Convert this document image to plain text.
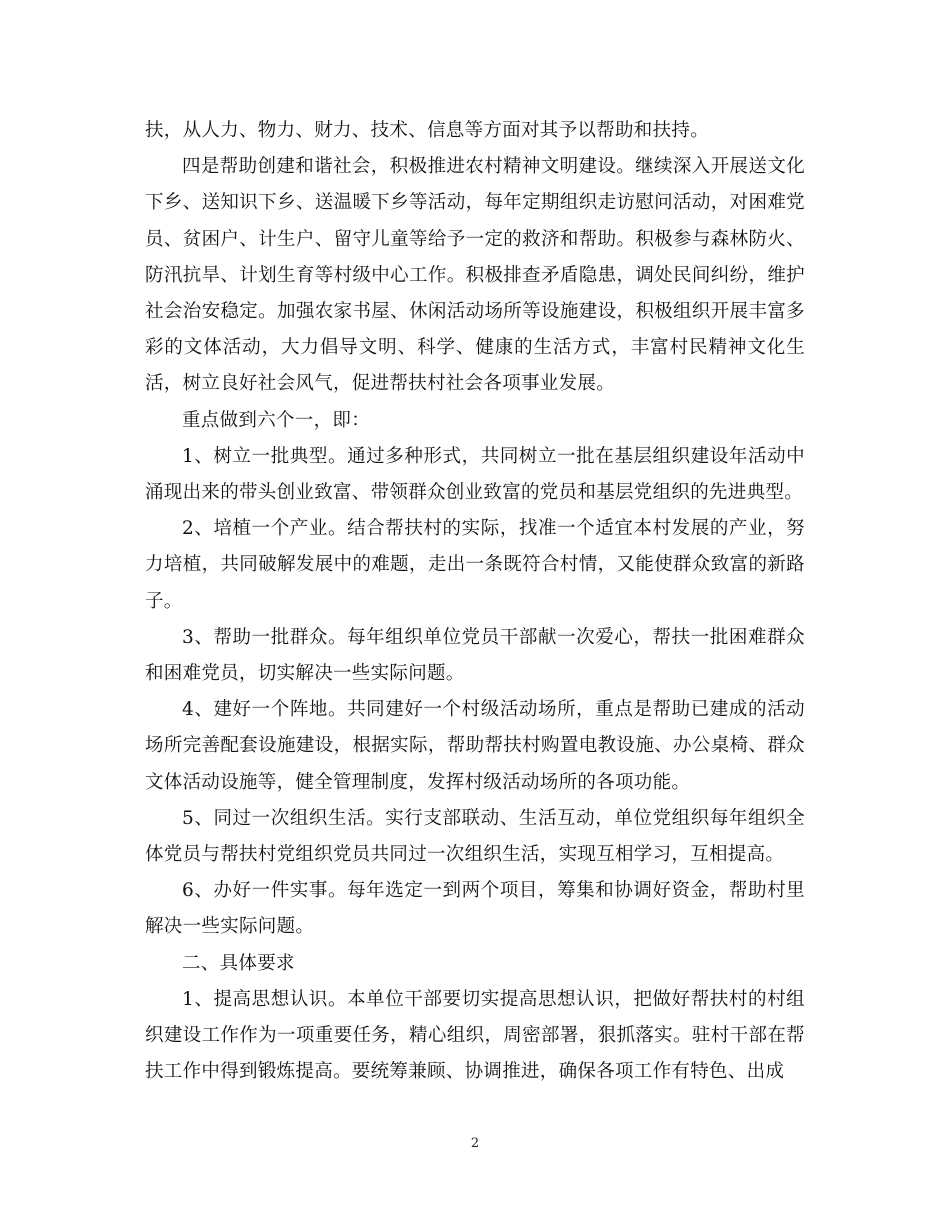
扶，从人力、物力、财力、技术、信息等方面对其予以帮助和扶持。

四是帮助创建和谐社会，积极推进农村精神文明建设。继续深入开展送文化下乡、送知识下乡、送温暖下乡等活动，每年定期组织走访慰问活动，对困难党员、贫困户、计生户、留守儿童等给予一定的救济和帮助。积极参与森林防火、防汛抗旱、计划生育等村级中心工作。积极排查矛盾隐患，调处民间纠纷，维护社会治安稳定。加强农家书屋、休闲活动场所等设施建设，积极组织开展丰富多彩的文体活动，大力倡导文明、科学、健康的生活方式，丰富村民精神文化生活，树立良好社会风气，促进帮扶村社会各项事业发展。

重点做到六个一，即：

1、树立一批典型。通过多种形式，共同树立一批在基层组织建设年活动中涌现出来的带头创业致富、带领群众创业致富的党员和基层党组织的先进典型。

2、培植一个产业。结合帮扶村的实际，找准一个适宜本村发展的产业，努力培植，共同破解发展中的难题，走出一条既符合村情，又能使群众致富的新路子。

3、帮助一批群众。每年组织单位党员干部献一次爱心，帮扶一批困难群众和困难党员，切实解决一些实际问题。

4、建好一个阵地。共同建好一个村级活动场所，重点是帮助已建成的活动场所完善配套设施建设，根据实际，帮助帮扶村购置电教设施、办公桌椅、群众文体活动设施等，健全管理制度，发挥村级活动场所的各项功能。

5、同过一次组织生活。实行支部联动、生活互动，单位党组织每年组织全体党员与帮扶村党组织党员共同过一次组织生活，实现互相学习，互相提高。

6、办好一件实事。每年选定一到两个项目，筹集和协调好资金，帮助村里解决一些实际问题。

二、具体要求

1、提高思想认识。本单位干部要切实提高思想认识，把做好帮扶村的村组织建设工作作为一项重要任务，精心组织，周密部署，狠抓落实。驻村干部在帮扶工作中得到锻炼提高。要统筹兼顾、协调推进，确保各项工作有特色、出成

2
